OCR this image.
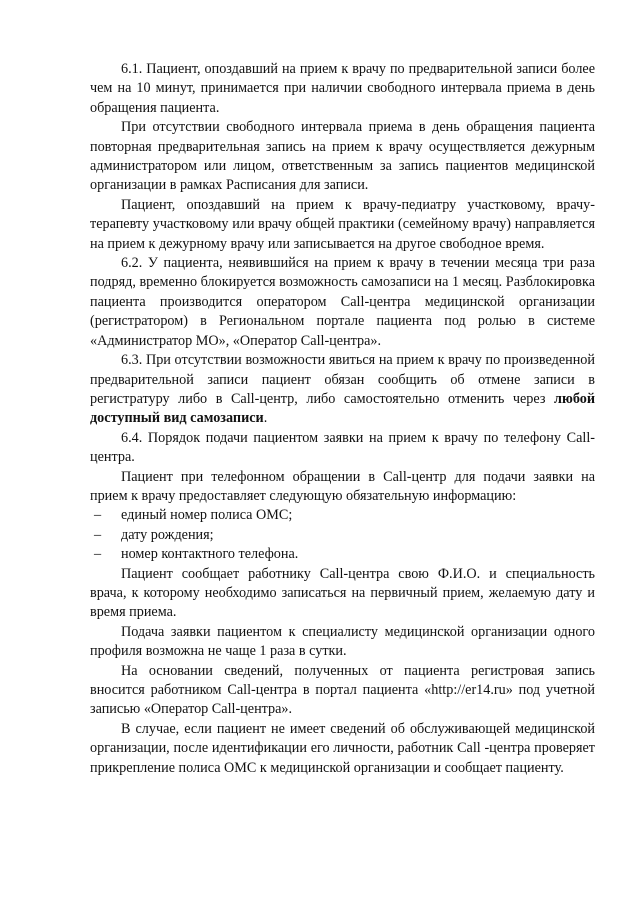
6.1. Пациент, опоздавший на прием к врачу по предварительной записи более чем на 10 минут, принимается при наличии свободного интервала приема в день обращения пациента.

При отсутствии свободного интервала приема в день обращения пациента повторная предварительная запись на прием к врачу осуществляется дежурным администратором или лицом, ответственным за запись пациентов медицинской организации в рамках Расписания для записи.

Пациент, опоздавший на прием к врачу-педиатру участковому, врачу-терапевту участковому или врачу общей практики (семейному врачу) направляется на прием к дежурному врачу или записывается на другое свободное время.

6.2. У пациента, неявившийся на прием к врачу в течении месяца три раза подряд, временно блокируется возможность самозаписи на 1 месяц. Разблокировка пациента производится оператором Call-центра медицинской организации (регистратором) в Региональном портале пациента под ролью в системе «Администратор МО», «Оператор Call-центра».

6.3. При отсутствии возможности явиться на прием к врачу по произведенной предварительной записи пациент обязан сообщить об отмене записи в регистратуру либо в Call-центр, либо самостоятельно отменить через любой доступный вид самозаписи.

6.4. Порядок подачи пациентом заявки на прием к врачу по телефону Call-центра.

Пациент при телефонном обращении в Call-центр для подачи заявки на прием к врачу предоставляет следующую обязательную информацию:

– единый номер полиса ОМС;
– дату рождения;
– номер контактного телефона.

Пациент сообщает работнику Call-центра свою Ф.И.О. и специальность врача, к которому необходимо записаться на первичный прием, желаемую дату и время приема.

Подача заявки пациентом к специалисту медицинской организации одного профиля возможна не чаще 1 раза в сутки.

На основании сведений, полученных от пациента регистровая запись вносится работником Call-центра в портал пациента «http://er14.ru» под учетной записью «Оператор Call-центра».

В случае, если пациент не имеет сведений об обслуживающей медицинской организации, после идентификации его личности, работник Call -центра проверяет прикрепление полиса ОМС к медицинской организации и сообщает пациенту.
